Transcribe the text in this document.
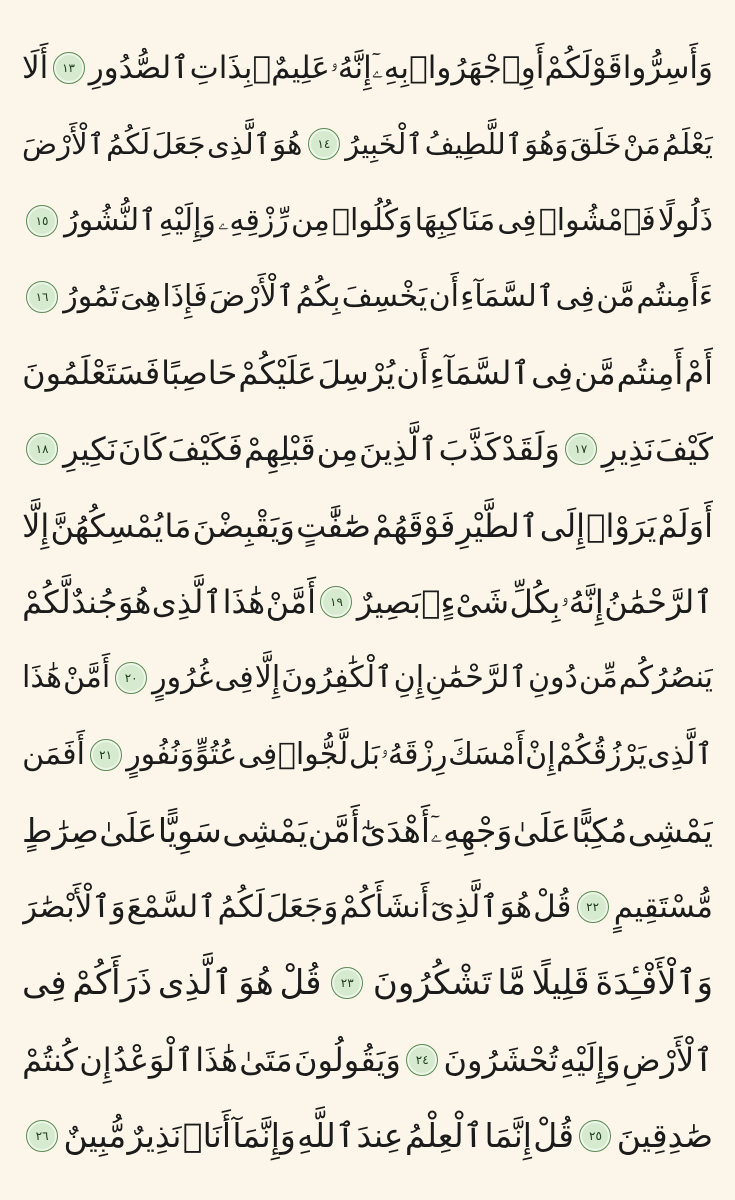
وَأَسِرُّوا
قَوْلَكُمْ
أَوِ
ٱجْهَرُوا۟
بِهِۦٓ
إِنَّهُۥ
عَلِيمٌۢ
بِذَاتِ
ٱلصُّدُورِ
١٣
أَلَا
يَعْلَمُ
مَنْ
خَلَقَ
وَهُوَ
ٱللَّطِيفُ
ٱلْخَبِيرُ
١٤
هُوَ
ٱلَّذِى
جَعَلَ
لَكُمُ
ٱلْأَرْضَ
ذَلُولًا
فَٱمْشُوا۟
فِى
مَنَاكِبِهَا
وَكُلُوا۟
مِن
رِّزْقِهِۦ
وَإِلَيْهِ
ٱلنُّشُورُ
١٥
ءَأَمِنتُم
مَّن
فِى
ٱلسَّمَآءِ
أَن
يَخْسِفَ
بِكُمُ
ٱلْأَرْضَ
فَإِذَا
هِىَ
تَمُورُ
١٦
أَمْ
أَمِنتُم
مَّن
فِى
ٱلسَّمَآءِ
أَن
يُرْسِلَ
عَلَيْكُمْ
حَاصِبًا
فَسَتَعْلَمُونَ
كَيْفَ
نَذِيرِ
١٧
وَلَقَدْ
كَذَّبَ
ٱلَّذِينَ
مِن
قَبْلِهِمْ
فَكَيْفَ
كَانَ
نَكِيرِ
١٨
أَوَلَمْ
يَرَوْا۟
إِلَى
ٱلطَّيْرِ
فَوْقَهُمْ
صَٰٓفَّٰتٍ
وَيَقْبِضْنَ
مَا
يُمْسِكُهُنَّ
إِلَّا
ٱلرَّحْمَٰنُ
إِنَّهُۥ
بِكُلِّ
شَىْءٍۭ
بَصِيرٌ
١٩
أَمَّنْ
هَٰذَا
ٱلَّذِى
هُوَ
جُندٌ
لَّكُمْ
يَنصُرُكُم
مِّن
دُونِ
ٱلرَّحْمَٰنِ
إِنِ
ٱلْكَٰفِرُونَ
إِلَّا
فِى
غُرُورٍ
٢٠
أَمَّنْ
هَٰذَا
ٱلَّذِى
يَرْزُقُكُمْ
إِنْ
أَمْسَكَ
رِزْقَهُۥ
بَل
لَّجُّوا۟
فِى
عُتُوٍّ
وَنُفُورٍ
٢١
أَفَمَن
يَمْشِى
مُكِبًّا
عَلَىٰ
وَجْهِهِۦٓ
أَهْدَىٰٓ
أَمَّن
يَمْشِى
سَوِيًّا
عَلَىٰ
صِرَٰطٍ
مُّسْتَقِيمٍ
٢٢
قُلْ
هُوَ
ٱلَّذِىٓ
أَنشَأَكُمْ
وَجَعَلَ
لَكُمُ
ٱلسَّمْعَ
وَٱلْأَبْصَٰرَ
وَٱلْأَفْـِٔدَةَ
قَلِيلًا
مَّا
تَشْكُرُونَ
٢٣
قُلْ
هُوَ
ٱلَّذِى
ذَرَأَكُمْ
فِى
ٱلْأَرْضِ
وَإِلَيْهِ
تُحْشَرُونَ
٢٤
وَيَقُولُونَ
مَتَىٰ
هَٰذَا
ٱلْوَعْدُ
إِن
كُنتُمْ
صَٰدِقِينَ
٢٥
قُلْ
إِنَّمَا
ٱلْعِلْمُ
عِندَ
ٱللَّهِ
وَإِنَّمَآ
أَنَا۠
نَذِيرٌ
مُّبِينٌ
٢٦
